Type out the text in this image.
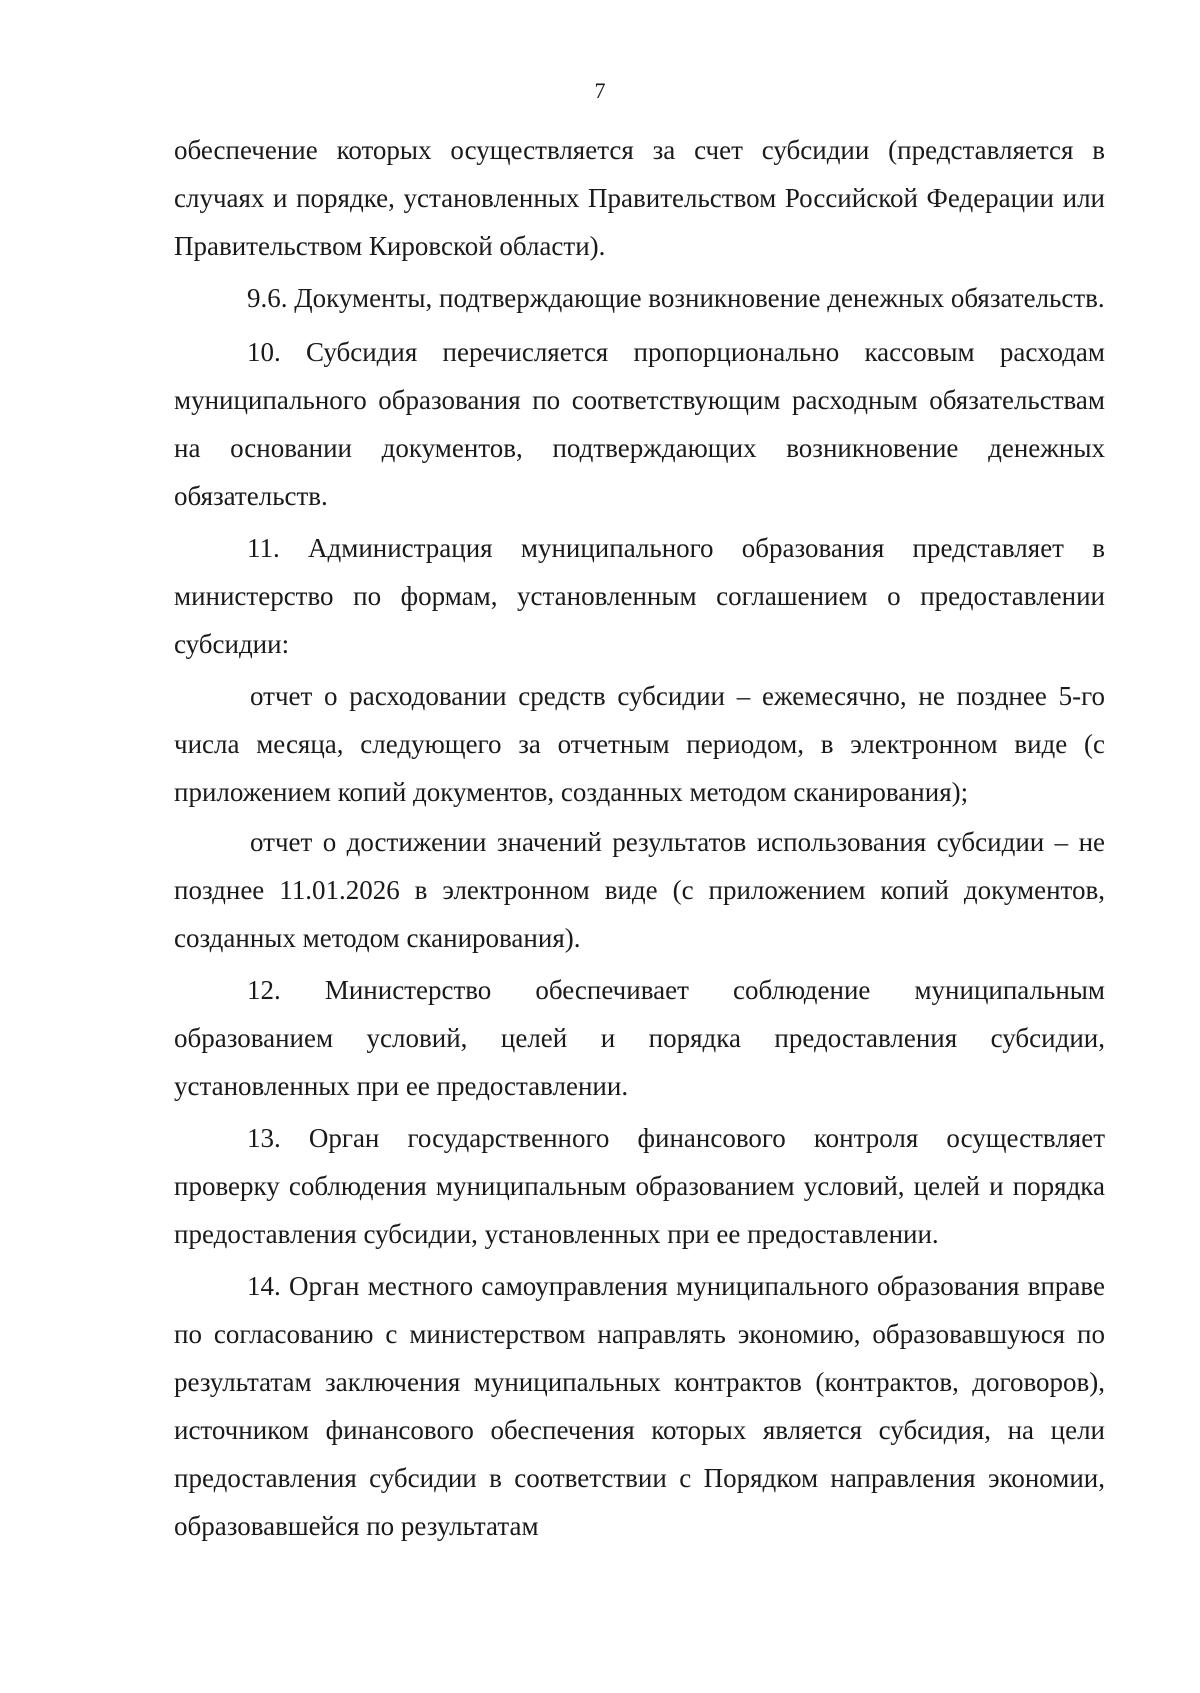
7

обеспечение которых осуществляется за счет субсидии (представляется в случаях и порядке, установленных Правительством Российской Федерации или Правительством Кировской области).

9.6. Документы, подтверждающие возникновение денежных обязательств.

10. Субсидия перечисляется пропорционально кассовым расходам муниципального образования по соответствующим расходным обязательствам на основании документов, подтверждающих возникновение денежных обязательств.

11. Администрация муниципального образования представляет в министерство по формам, установленным соглашением о предоставлении субсидии:

отчет о расходовании средств субсидии – ежемесячно, не позднее 5-го числа месяца, следующего за отчетным периодом, в электронном виде (с приложением копий документов, созданных методом сканирования);

отчет о достижении значений результатов использования субсидии – не позднее 11.01.2026 в электронном виде (с приложением копий документов, созданных методом сканирования).

12. Министерство обеспечивает соблюдение муниципальным образованием условий, целей и порядка предоставления субсидии, установленных при ее предоставлении.

13. Орган государственного финансового контроля осуществляет проверку соблюдения муниципальным образованием условий, целей и порядка предоставления субсидии, установленных при ее предоставлении.

14. Орган местного самоуправления муниципального образования вправе по согласованию с министерством направлять экономию, образовавшуюся по результатам заключения муниципальных контрактов (контрактов, договоров), источником финансового обеспечения которых является субсидия, на цели предоставления субсидии в соответствии с Порядком направления экономии, образовавшейся по результатам
